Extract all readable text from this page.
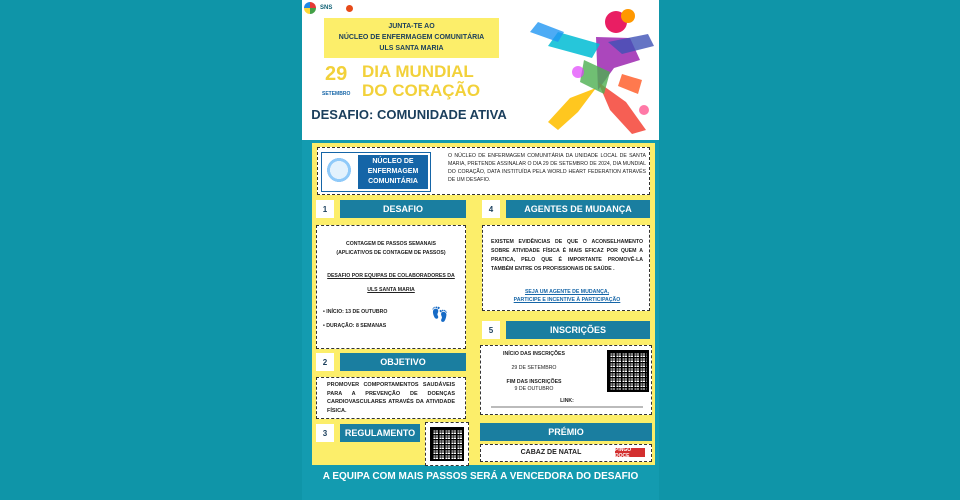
SNS
JUNTA-TE AO
NÚCLEO DE ENFERMAGEM COMUNITÁRIA
ULS SANTA MARIA
29
SETEMBRO
DIA MUNDIAL
DO CORAÇÃO
DESAFIO: COMUNIDADE ATIVA
NÚCLEO DE ENFERMAGEM COMUNITÁRIA
O NÚCLEO DE ENFERMAGEM COMUNITÁRIA DA UNIDADE LOCAL DE SANTA MARIA, PRETENDE ASSINALAR O DIA 29 DE SETEMBRO DE 2024, DIA MUNDIAL DO CORAÇÃO, DATA INSTITUÍDA PELA WORLD HEART FEDERATION ATRAVÉS DE UM DESAFIO.
1	DESAFIO
CONTAGEM DE PASSOS SEMANAIS
(APLICATIVOS DE CONTAGEM DE PASSOS)
DESAFIO POR EQUIPAS DE COLABORADORES DA ULS SANTA MARIA
• INÍCIO: 13 DE OUTUBRO
• DURAÇÃO: 8 SEMANAS
👣
4	AGENTES DE MUDANÇA
EXISTEM EVIDÊNCIAS DE QUE O ACONSELHAMENTO SOBRE ATIVIDADE FÍSICA É MAIS EFICAZ POR QUEM A PRATICA, PELO QUE É IMPORTANTE PROMOVÊ-LA TAMBÉM ENTRE OS PROFISSIONAIS DE SAÚDE .
SEJA UM AGENTE DE MUDANÇA,
PARTICIPE E INCENTIVE À PARTICIPAÇÃO
5	INSCRIÇÕES
INÍCIO DAS INSCRIÇÕES
29 DE SETEMBRO
FIM DAS INSCRIÇÕES
9 DE OUTUBRO
LINK:
2	OBJETIVO
PROMOVER COMPORTAMENTOS SAUDÁVEIS PARA A PREVENÇÃO DE DOENÇAS CARDIOVASCULARES ATRAVÉS DA ATIVIDADE FÍSICA.
3	REGULAMENTO	PRÉMIO
CABAZ DE NATAL	PINGO DOCE
A EQUIPA COM MAIS PASSOS SERÁ A VENCEDORA DO DESAFIO
